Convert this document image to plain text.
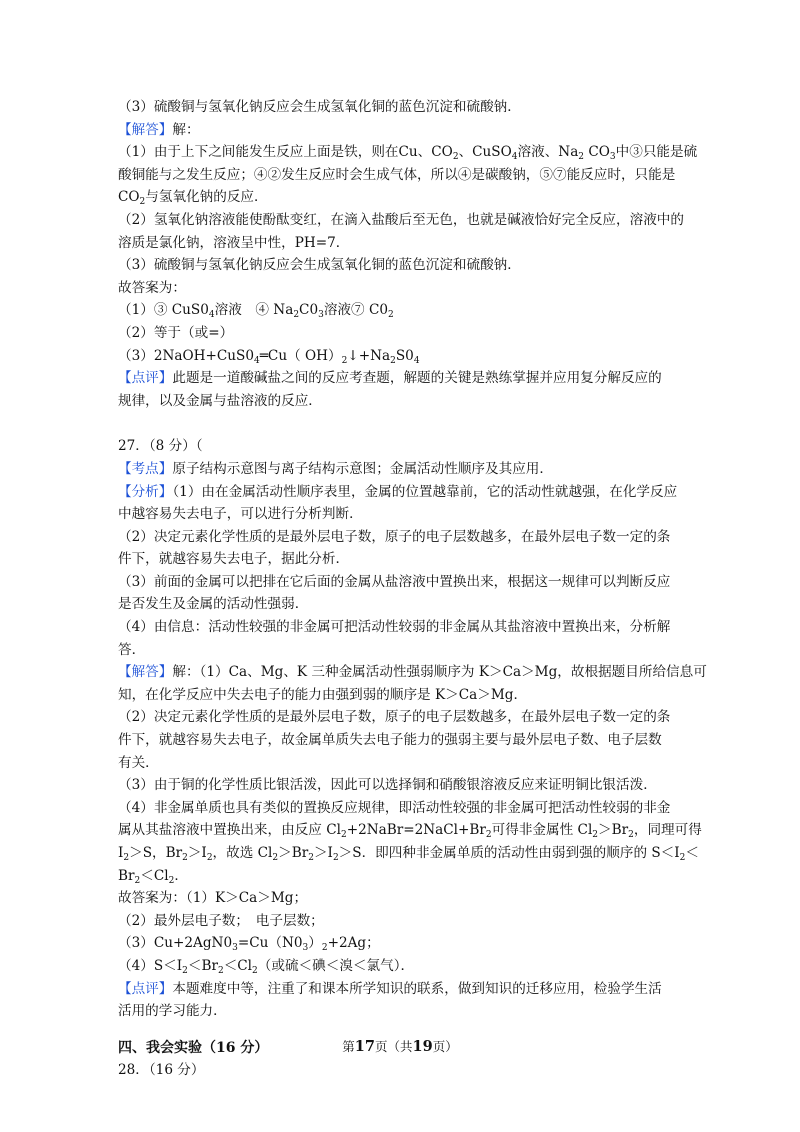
（3）硫酸铜与氢氧化钠反应会生成氢氧化铜的蓝色沉淀和硫酸钠．
【解答】解：
（1）由于上下之间能发生反应上面是铁，则在Cu、$CO_2$、CuSO$_4$溶液、$Na_2$ $CO_3$中③只能是硫
酸铜能与之发生反应；④②发生反应时会生成气体，所以④是碳酸钠，⑤⑦能反应时，只能是
$CO_2$与氢氧化钠的反应．
（2）氢氧化钠溶液能使酚酞变红，在滴入盐酸后至无色，也就是碱液恰好完全反应，溶液中的
溶质是氯化钠，溶液呈中性，PH=7．
（3）硫酸铜与氢氧化钠反应会生成氢氧化铜的蓝色沉淀和硫酸钠．
故答案为：
（1）③ $CuS0_4$溶液　④ $Na_2C0_3$溶液⑦ $C0_2$
（2）等于（或=）
$(3)2NaOH+CuS0_4═Cu$（ $OH)_2↓+Na_2S0_4$
【点评】此题是一道酸碱盐之间的反应考查题，解题的关键是熟练掌握并应用复分解反应的
规律，以及金属与盐溶液的反应．
27．（8 分）（
【考点】原子结构示意图与离子结构示意图；金属活动性顺序及其应用．
【分析】（1）由在金属活动性顺序表里，金属的位置越靠前，它的活动性就越强，在化学反应
中越容易失去电子，可以进行分析判断．
（2）决定元素化学性质的是最外层电子数，原子的电子层数越多，在最外层电子数一定的条
件下，就越容易失去电子，据此分析．
（3）前面的金属可以把排在它后面的金属从盐溶液中置换出来，根据这一规律可以判断反应
是否发生及金属的活动性强弱．
（4）由信息：活动性较强的非金属可把活动性较弱的非金属从其盐溶液中置换出来，分析解
答．
【解答】解：（1）Ca、Mg、K 三种金属活动性强弱顺序为 K＞Ca＞Mg，故根据题目所给信息可
知，在化学反应中失去电子的能力由强到弱的顺序是 K＞Ca＞Mg．
（2）决定元素化学性质的是最外层电子数，原子的电子层数越多，在最外层电子数一定的条
件下，就越容易失去电子，故金属单质失去电子能力的强弱主要与最外层电子数、电子层数
有关．
（3）由于铜的化学性质比银活泼，因此可以选择铜和硝酸银溶液反应来证明铜比银活泼．
（4）非金属单质也具有类似的置换反应规律，即活动性较强的非金属可把活动性较弱的非金
属从其盐溶液中置换出来，由反应 $Cl_2+2NaBr=2NaCl+Br_2$可得非金属性 $Cl_2>Br_2$，同理可得
$I_2>S$，$Br_2>I_2$，故选 $Cl_2>Br_2>I_2>S$．即四种非金属单质的活动性由弱到强的顺序的 $S<I_2<$
$Br_2<Cl_2$．
故答案为：（1）K＞Ca＞Mg；
（2）最外层电子数；　电子层数；
$(3)Cu+2AgN0_3=Cu(N0_3)_2+2Ag$；
$(4)S<I_2<Br_2<Cl_2$（或硫＜碘＜溴＜氯气）．
【点评】本题难度中等，注重了和课本所学知识的联系，做到知识的迁移应用，检验学生活
活用的学习能力．
四、我会实验（16 分）
28．（16 分）
第17页（共19页）
